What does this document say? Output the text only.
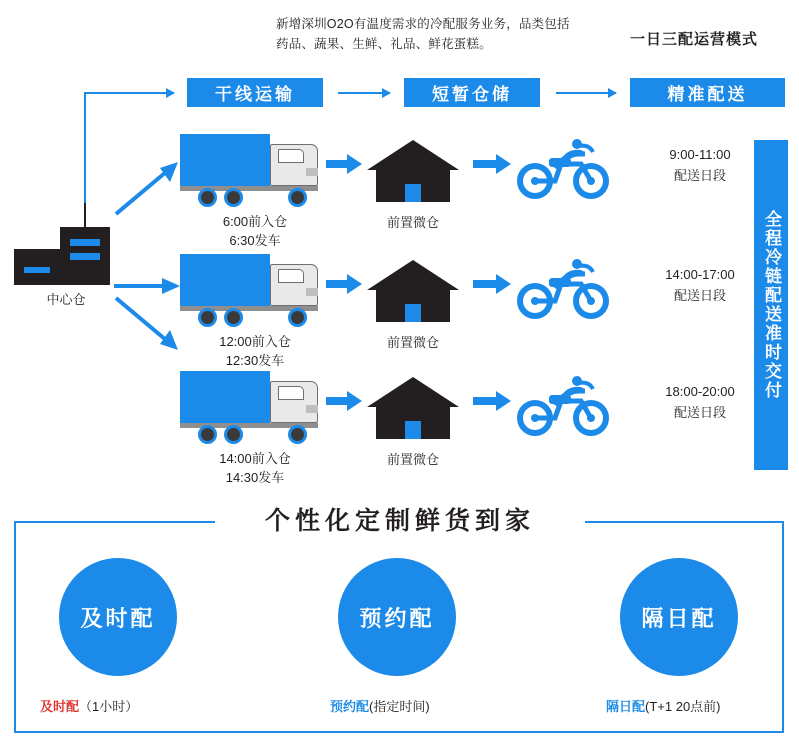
新增深圳O2O有温度需求的冷配服务业务，品类包括药品、蔬果、生鲜、礼品、鲜花蛋糕。	一日三配运营模式
干线运输	短暂仓储	精准配送
中心仓
6:00前入仓
6:30发车
前置微仓
9:00-11:00
配送日段
12:00前入仓
12:30发车
前置微仓
14:00-17:00
配送日段
14:00前入仓
14:30发车
前置微仓
18:00-20:00
配送日段
全程冷链配送准时交付
个性化定制鲜货到家
及时配	预约配	隔日配
及时配（1小时）	预约配(指定时间)	隔日配(T+1 20点前)
